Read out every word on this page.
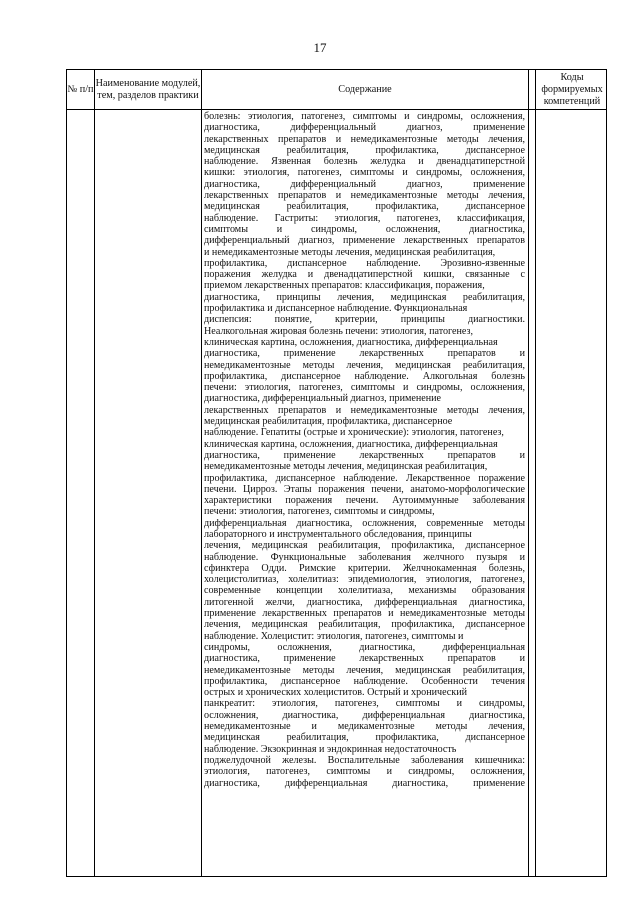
17
№ п/п	Содержание
Наименование модулей, тем, разделов практики
Коды формируемых компетенций
болезнь: этиология, патогенез, симптомы и синдромы, осложнения,
диагностика, дифференциальный диагноз, применение
лекарственных препаратов и немедикаментозные методы лечения,
медицинская реабилитация, профилактика, диспансерное
наблюдение. Язвенная болезнь желудка и двенадцатиперстной
кишки: этиология, патогенез, симптомы и синдромы, осложнения,
диагностика, дифференциальный диагноз, применение
лекарственных препаратов и немедикаментозные методы лечения,
медицинская реабилитация, профилактика, диспансерное
наблюдение. Гастриты: этиология, патогенез, классификация,
симптомы и синдромы, осложнения, диагностика,
дифференциальный диагноз, применение лекарственных препаратов
и немедикаментозные методы лечения, медицинская реабилитация,
профилактика, диспансерное наблюдение. Эрозивно-язвенные
поражения желудка и двенадцатиперстной кишки, связанные с
приемом лекарственных препаратов: классификация, поражения,
диагностика, принципы лечения, медицинская реабилитация,
профилактика и диспансерное наблюдение. Функциональная
диспепсия: понятие, критерии, принципы диагностики.
Неалкогольная жировая болезнь печени: этиология, патогенез,
клиническая картина, осложнения, диагностика, дифференциальная
диагностика, применение лекарственных препаратов и
немедикаментозные методы лечения, медицинская реабилитация,
профилактика, диспансерное наблюдение. Алкогольная болезнь
печени: этиология, патогенез, симптомы и синдромы, осложнения,
диагностика, дифференциальный диагноз, применение
лекарственных препаратов и немедикаментозные методы лечения,
медицинская реабилитация, профилактика, диспансерное
наблюдение. Гепатиты (острые и хронические): этиология, патогенез,
клиническая картина, осложнения, диагностика, дифференциальная
диагностика, применение лекарственных препаратов и
немедикаментозные методы лечения, медицинская реабилитация,
профилактика, диспансерное наблюдение. Лекарственное поражение
печени. Цирроз. Этапы поражения печени, анатомо-морфологические
характеристики поражения печени. Аутоиммунные заболевания
печени: этиология, патогенез, симптомы и синдромы,
дифференциальная диагностика, осложнения, современные методы
лабораторного и инструментального обследования, принципы
лечения, медицинская реабилитация, профилактика, диспансерное
наблюдение. Функциональные заболевания желчного пузыря и
сфинктера Одди. Римские критерии. Желчнокаменная болезнь,
холецистолитиаз, холелитиаз: эпидемиология, этиология, патогенез,
современные концепции холелитиаза, механизмы образования
литогенной желчи, диагностика, дифференциальная диагностика,
применение лекарственных препаратов и немедикаментозные методы
лечения, медицинская реабилитация, профилактика, диспансерное
наблюдение. Холецистит: этиология, патогенез, симптомы и
синдромы, осложнения, диагностика, дифференциальная
диагностика, применение лекарственных препаратов и
немедикаментозные методы лечения, медицинская реабилитация,
профилактика, диспансерное наблюдение. Особенности течения
острых и хронических холециститов. Острый и хронический
панкреатит: этиология, патогенез, симптомы и синдромы,
осложнения, диагностика, дифференциальная диагностика,
немедикаментозные и медикаментозные методы лечения,
медицинская реабилитация, профилактика, диспансерное
наблюдение. Экзокринная и эндокринная недостаточность
поджелудочной железы. Воспалительные заболевания кишечника:
этиология, патогенез, симптомы и синдромы, осложнения,
диагностика, дифференциальная диагностика, применение
